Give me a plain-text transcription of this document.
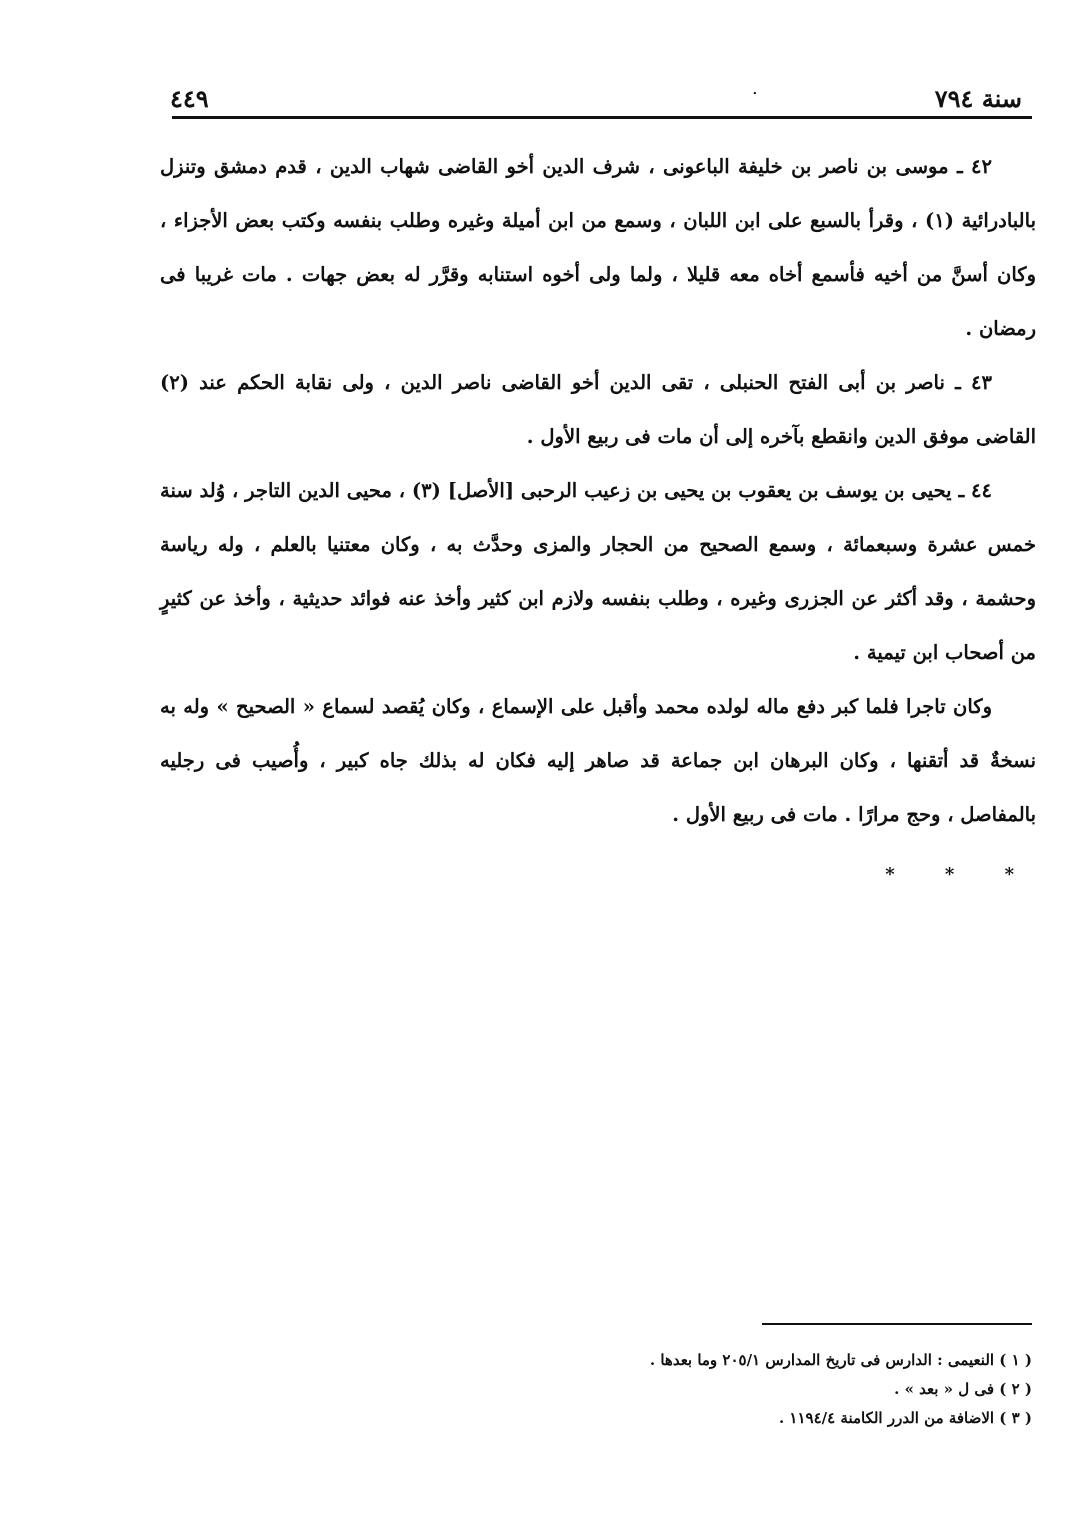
سنة ٧٩٤
.
٤٤٩

٤٢ ـ موسى بن ناصر بن خليفة الباعونى ، شرف الدين أخو القاضى شهاب الدين ، قدم دمشق وتنزل بالبادرائية (١) ، وقرأ بالسبع على ابن اللبان ، وسمع من ابن أميلة وغيره وطلب بنفسه وكتب بعض الأجزاء ، وكان أسنَّ من أخيه فأسمع أخاه معه قليلا ، ولما ولى أخوه استنابه وقرَّر له بعض جهات . مات غريبا فى رمضان .

٤٣ ـ ناصر بن أبى الفتح الحنبلى ، تقى الدين أخو القاضى ناصر الدين ، ولى نقابة الحكم عند (٢) القاضى موفق الدين وانقطع بآخره إلى أن مات فى ربيع الأول .

٤٤ ـ يحيى بن يوسف بن يعقوب بن يحيى بن زعيب الرحبى [الأصل] (٣) ، محيى الدين التاجر ، وُلد سنة خمس عشرة وسبعمائة ، وسمع الصحيح من الحجار والمزى وحدَّث به ، وكان معتنيا بالعلم ، وله رياسة وحشمة ، وقد أكثر عن الجزرى وغيره ، وطلب بنفسه ولازم ابن كثير وأخذ عنه فوائد حديثية ، وأخذ عن كثيرٍ من أصحاب ابن تيمية .

وكان تاجرا فلما كبر دفع ماله لولده محمد وأقبل على الإسماع ، وكان يُقصد لسماع « الصحيح » وله به نسخةٌ قد أتقنها ، وكان البرهان ابن جماعة قد صاهر إليه فكان له بذلك جاه كبير ، وأُصيب فى رجليه بالمفاصل ، وحج مرارًا . مات فى ربيع الأول .

* * *
( ١ ) النعيمى : الدارس فى تاريخ المدارس ٢٠٥/١ وما بعدها .
( ٢ ) فى ل « بعد » .
( ٣ ) الاضافة من الدرر الكامنة ١١٩٤/٤ .
